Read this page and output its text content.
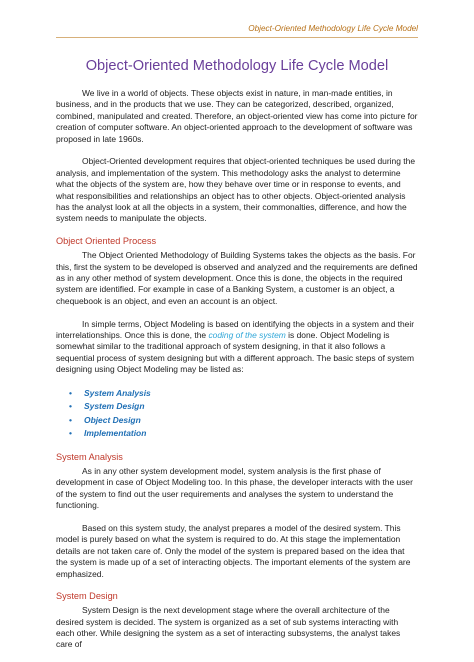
Object-Oriented Methodology Life Cycle Model
Object-Oriented Methodology Life Cycle Model

We live in a world of objects. These objects exist in nature, in man-made entities, in business, and in the products that we use. They can be categorized, described, organized, combined, manipulated and created. Therefore, an object-oriented view has come into picture for creation of computer software. An object-oriented approach to the development of software was proposed in late 1960s.

Object-Oriented development requires that object-oriented techniques be used during the analysis, and implementation of the system. This methodology asks the analyst to determine what the objects of the system are, how they behave over time or in response to events, and what responsibilities and relationships an object has to other objects. Object-oriented analysis has the analyst look at all the objects in a system, their commonalties, difference, and how the system needs to manipulate the objects.

Object Oriented Process

The Object Oriented Methodology of Building Systems takes the objects as the basis. For this, first the system to be developed is observed and analyzed and the requirements are defined as in any other method of system development. Once this is done, the objects in the required system are identified. For example in case of a Banking System, a customer is an object, a chequebook is an object, and even an account is an object.

In simple terms, Object Modeling is based on identifying the objects in a system and their interrelationships. Once this is done, the coding of the system is done. Object Modeling is somewhat similar to the traditional approach of system designing, in that it also follows a sequential process of system designing but with a different approach. The basic steps of system designing using Object Modeling may be listed as:

• System Analysis
• System Design
• Object Design
• Implementation
System Analysis

As in any other system development model, system analysis is the first phase of development in case of Object Modeling too. In this phase, the developer interacts with the user of the system to find out the user requirements and analyses the system to understand the functioning.

Based on this system study, the analyst prepares a model of the desired system. This model is purely based on what the system is required to do. At this stage the implementation details are not taken care of. Only the model of the system is prepared based on the idea that the system is made up of a set of interacting objects. The important elements of the system are emphasized.

System Design

System Design is the next development stage where the overall architecture of the desired system is decided. The system is organized as a set of sub systems interacting with each other. While designing the system as a set of interacting subsystems, the analyst takes care of
